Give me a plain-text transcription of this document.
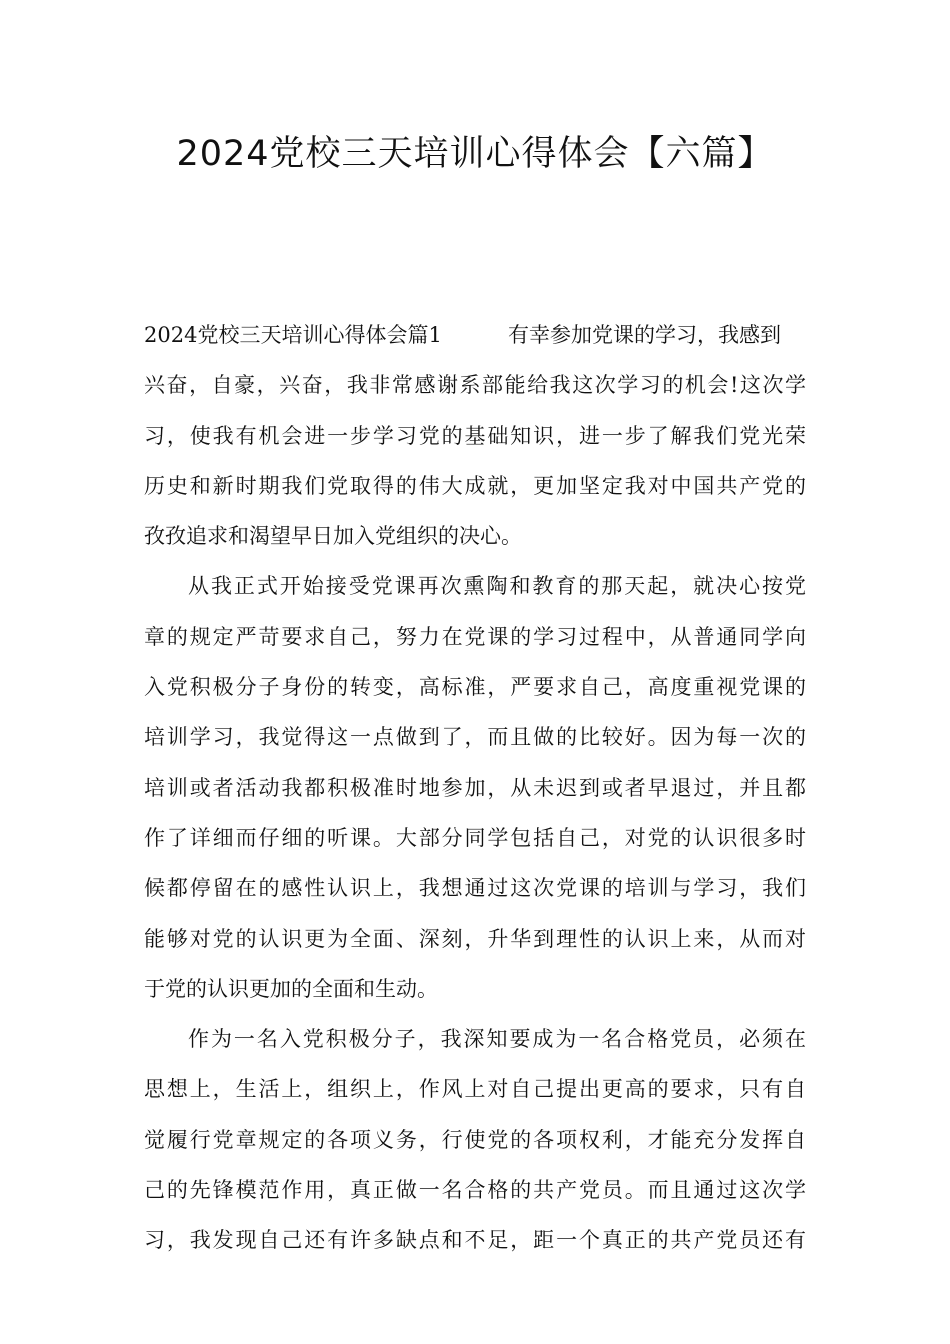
2024党校三天培训心得体会【六篇】
2024党校三天培训心得体会篇1	有幸参加党课的学习，我感到
兴奋，自豪，兴奋，我非常感谢系部能给我这次学习的机会!这次学
习，使我有机会进一步学习党的基础知识，进一步了解我们党光荣
历史和新时期我们党取得的伟大成就，更加坚定我对中国共产党的
孜孜追求和渴望早日加入党组织的决心。
从我正式开始接受党课再次熏陶和教育的那天起，就决心按党
章的规定严苛要求自己，努力在党课的学习过程中，从普通同学向
入党积极分子身份的转变，高标准，严要求自己，高度重视党课的
培训学习，我觉得这一点做到了，而且做的比较好。因为每一次的
培训或者活动我都积极准时地参加，从未迟到或者早退过，并且都
作了详细而仔细的听课。大部分同学包括自己，对党的认识很多时
候都停留在的感性认识上，我想通过这次党课的培训与学习，我们
能够对党的认识更为全面、深刻，升华到理性的认识上来，从而对
于党的认识更加的全面和生动。
作为一名入党积极分子，我深知要成为一名合格党员，必须在
思想上，生活上，组织上，作风上对自己提出更高的要求，只有自
觉履行党章规定的各项义务，行使党的各项权利，才能充分发挥自
己的先锋模范作用，真正做一名合格的共产党员。而且通过这次学
习，我发现自己还有许多缺点和不足，距一个真正的共产党员还有
